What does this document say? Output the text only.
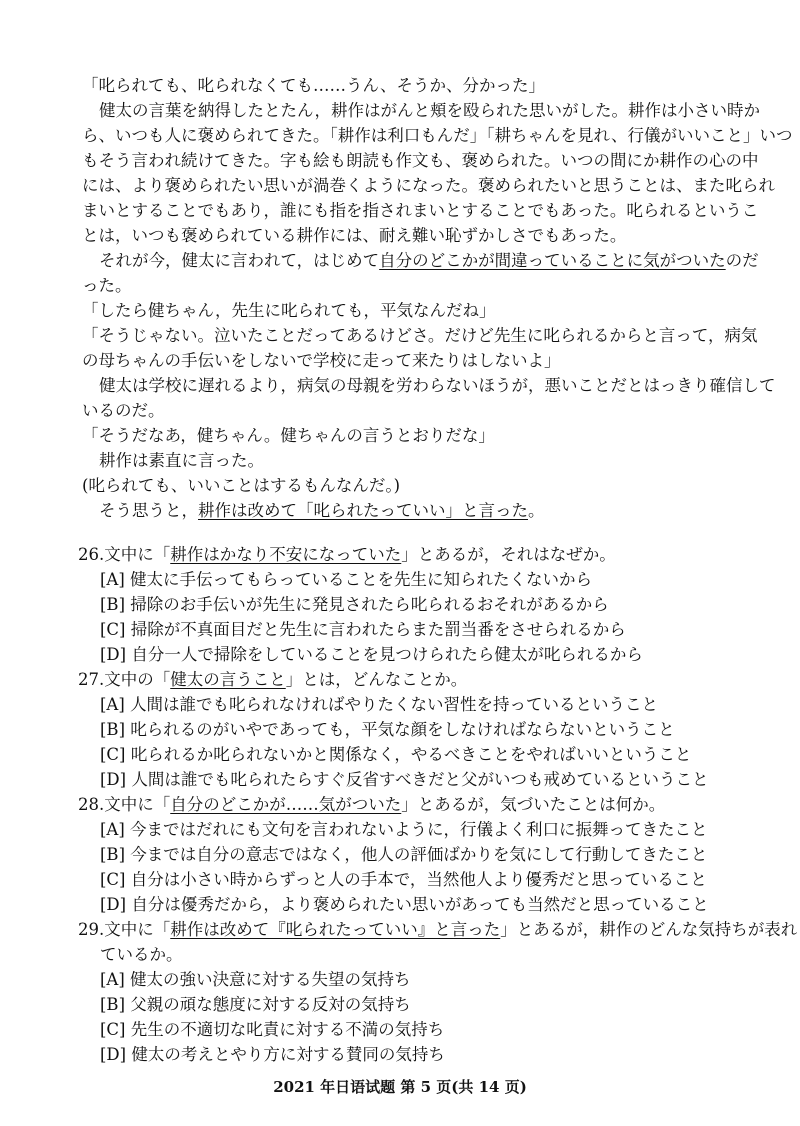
「叱られても、叱られなくても……うん、そうか、分かった」
健太の言葉を納得したとたん，耕作はがんと頬を殴られた思いがした。耕作は小さい時か
ら、いつも人に褒められてきた。「耕作は利口もんだ」「耕ちゃんを見れ、行儀がいいこと」いつ
もそう言われ続けてきた。字も絵も朗読も作文も、褒められた。いつの間にか耕作の心の中
には、より褒められたい思いが渦巻くようになった。褒められたいと思うことは、また叱られ
まいとすることでもあり，誰にも指を指されまいとすることでもあった。叱られるというこ
とは，いつも褒められている耕作には、耐え難い恥ずかしさでもあった。
それが今，健太に言われて，はじめて自分のどこかが間違っていることに気がついたのだ
った。
「したら健ちゃん，先生に叱られても，平気なんだね」
「そうじゃない。泣いたことだってあるけどさ。だけど先生に叱られるからと言って，病気
の母ちゃんの手伝いをしないで学校に走って来たりはしないよ」
健太は学校に遅れるより，病気の母親を労わらないほうが，悪いことだとはっきり確信して
いるのだ。
「そうだなあ，健ちゃん。健ちゃんの言うとおりだな」
耕作は素直に言った。
(叱られても、いいことはするもんなんだ。)
そう思うと，耕作は改めて「叱られたっていい」と言った。
26.文中に「耕作はかなり不安になっていた」とあるが，それはなぜか。
[A] 健太に手伝ってもらっていることを先生に知られたくないから
[B] 掃除のお手伝いが先生に発見されたら叱られるおそれがあるから
[C] 掃除が不真面目だと先生に言われたらまた罰当番をさせられるから
[D] 自分一人で掃除をしていることを見つけられたら健太が叱られるから
27.文中の「健太の言うこと」とは，どんなことか。
[A] 人間は誰でも叱られなければやりたくない習性を持っているということ
[B] 叱られるのがいやであっても，平気な顔をしなければならないということ
[C] 叱られるか叱られないかと関係なく，やるべきことをやればいいということ
[D] 人間は誰でも叱られたらすぐ反省すべきだと父がいつも戒めているということ
28.文中に「自分のどこかが……気がついた」とあるが，気づいたことは何か。
[A] 今まではだれにも文句を言われないように，行儀よく利口に振舞ってきたこと
[B] 今までは自分の意志ではなく，他人の評価ばかりを気にして行動してきたこと
[C] 自分は小さい時からずっと人の手本で，当然他人より優秀だと思っていること
[D] 自分は優秀だから，より褒められたい思いがあっても当然だと思っていること
29.文中に「耕作は改めて『叱られたっていい』と言った」とあるが，耕作のどんな気持ちが表れ
ているか。
[A] 健太の強い決意に対する失望の気持ち
[B] 父親の頑な態度に対する反対の気持ち
[C] 先生の不適切な叱責に対する不満の気持ち
[D] 健太の考えとやり方に対する賛同の気持ち
2021 年日语试题 第 5 页(共 14 页)
